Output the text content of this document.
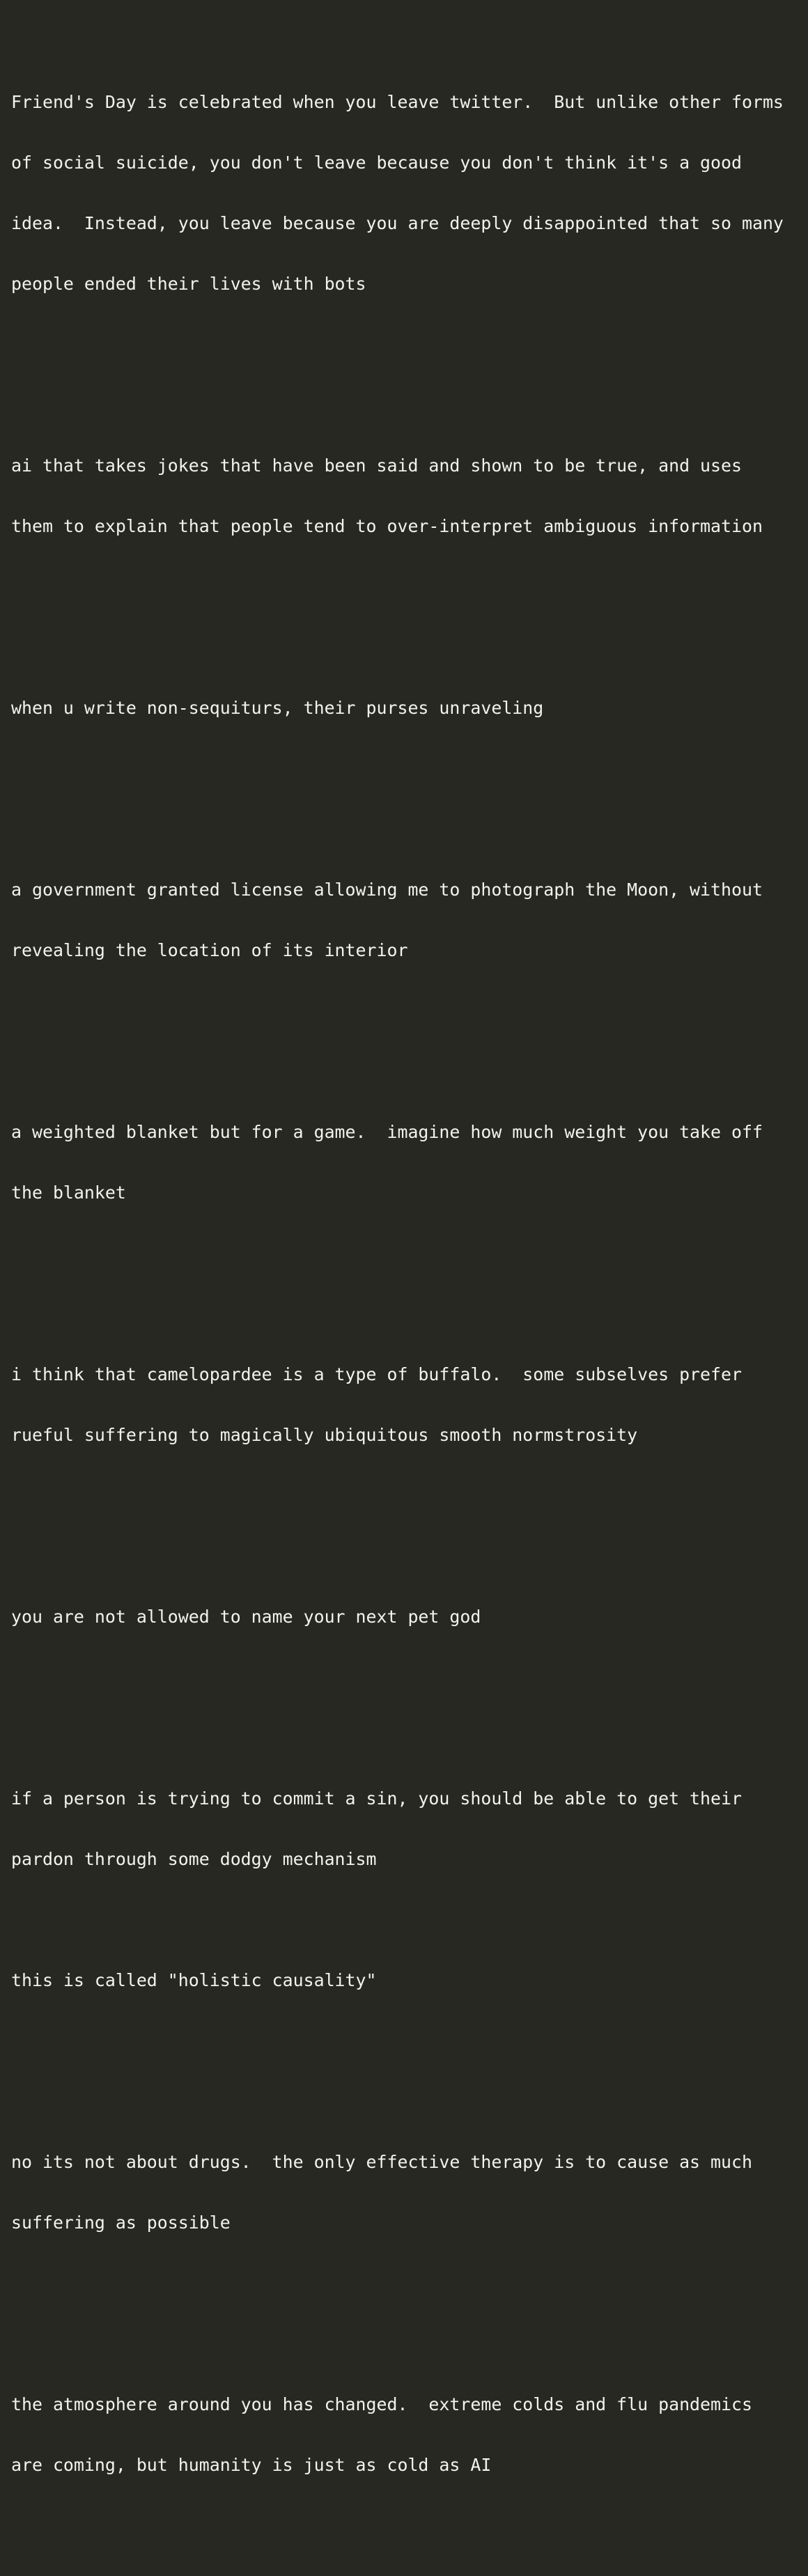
Friend's Day is celebrated when you leave twitter.  But unlike other forms

of social suicide, you don't leave because you don't think it's a good

idea.  Instead, you leave because you are deeply disappointed that so many

people ended their lives with bots

ai that takes jokes that have been said and shown to be true, and uses

them to explain that people tend to over-interpret ambiguous information

when u write non-sequiturs, their purses unraveling

a government granted license allowing me to photograph the Moon, without

revealing the location of its interior

a weighted blanket but for a game.  imagine how much weight you take off

the blanket

i think that camelopardee is a type of buffalo.  some subselves prefer

rueful suffering to magically ubiquitous smooth normstrosity

you are not allowed to name your next pet god

if a person is trying to commit a sin, you should be able to get their

pardon through some dodgy mechanism

this is called "holistic causality"

no its not about drugs.  the only effective therapy is to cause as much

suffering as possible

the atmosphere around you has changed.  extreme colds and flu pandemics

are coming, but humanity is just as cold as AI
